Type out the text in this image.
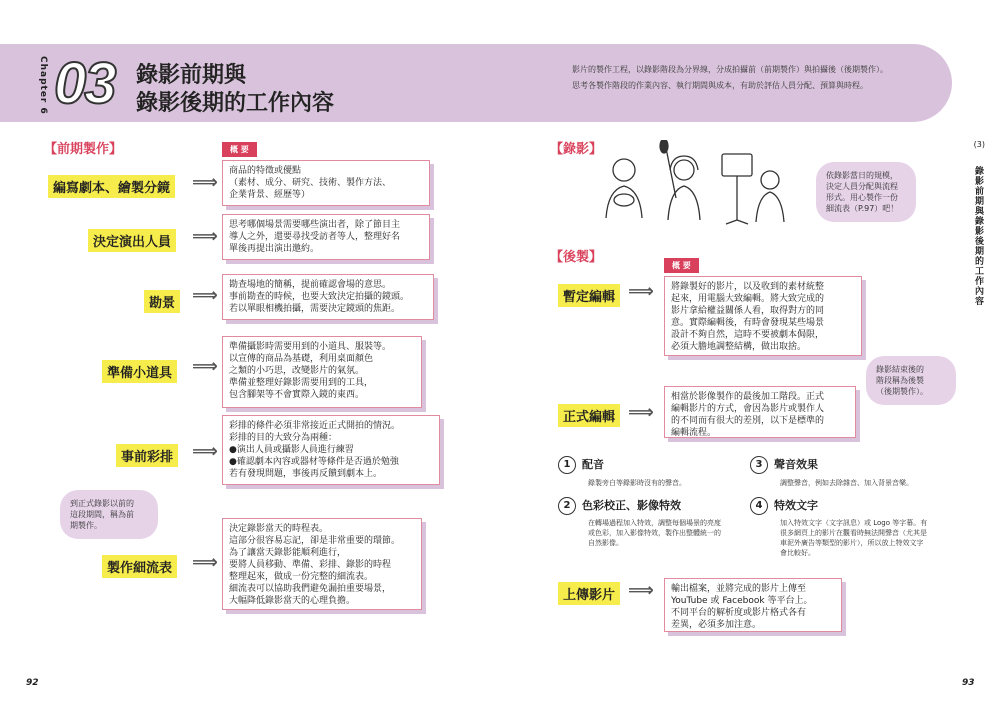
Chapter 6 03 錄影前期與
錄影後期的工作內容
影片的製作工程，以錄影階段為分界線，分成拍攝前（前期製作）與拍攝後（後期製作）。
思考各製作階段的作業內容、執行期間與成本，有助於評估人員分配、預算與時程。
【前期製作】	概 要
編寫劇本、繪製分鏡 ⟹
商品的特徵或優點
（素材、成分、研究、技術、製作方法、
企業背景、經歷等）
決定演出人員 ⟹
思考哪個場景需要哪些演出者，除了節目主
導人之外，還要尋找受訪者等人，整理好名
單後再提出演出邀約。
勘景 ⟹	勘查場地的簡稱，提前確認會場的意思。
事前勘查的時候，也要大致決定拍攝的鏡頭。
若以單眼相機拍攝，需要決定鏡頭的焦距。
準備小道具 ⟹
準備攝影時需要用到的小道具、服裝等。
以宣傳的商品為基礎，利用桌面顏色
之類的小巧思，改變影片的氣氛。
準備並整理好錄影需要用到的工具，
包含腳架等不會實際入鏡的東西。
事前彩排 ⟹
彩排的條件必須非常接近正式開拍的情況。
彩排的目的大致分為兩種：
●演出人員或攝影人員進行練習
●確認劇本內容或器材等條件是否過於勉強
若有發現問題，事後再反饋到劇本上。
到正式錄影以前的
這段期間，稱為前
期製作。
製作細流表 ⟹
決定錄影當天的時程表。
這部分很容易忘記，卻是非常重要的環節。
為了讓當天錄影能順利進行，
要將人員移動、準備、彩排、錄影的時程
整理起來，做成一份完整的細流表。
細流表可以協助我們避免漏拍重要場景，
大幅降低錄影當天的心理負擔。
92
【錄影】
依錄影當日的規模，
決定人員分配與流程
形式。用心製作一份
細流表（P.97）吧！
【後製】
概 要
暫定編輯 ⟹	將錄製好的影片，以及收到的素材統整
起來，用電腦大致編輯。將大致完成的
影片拿給權益關係人看，取得對方的同
意。實際編輯後，有時會發現某些場景
設計不夠自然，這時不要被劇本侷限，
必須大膽地調整結構，做出取捨。
錄影結束後的
階段稱為後製
（後期製作）。
正式編輯 ⟹
相當於影像製作的最後加工階段。正式
編輯影片的方式，會因為影片或製作人
的不同而有很大的差別，以下是標準的
編輯流程。
1 配音
錄製旁白等錄影時沒有的聲音。
3 聲音效果
調整聲音，例如去除雜音、加入背景音樂。
2 色彩校正、影像特效
在轉場過程加入特效，調整每個場景的亮度
或色彩，加入影像特效，製作出整體統一的
自然影像。
4 特效文字
加入特效文字（文字訊息）或 Logo 等字幕。有
很多網頁上的影片在觀看時無法開聲音（尤其是
車泥外廣告等類型的影片），所以放上特效文字
會比較好。
上傳影片 ⟹	輸出檔案，並將完成的影片上傳至
YouTube 或 Facebook 等平台上。
不同平台的解析度或影片格式各有
差異，必須多加注意。
(3)
錄影前期與錄影後期的工作內容
93
